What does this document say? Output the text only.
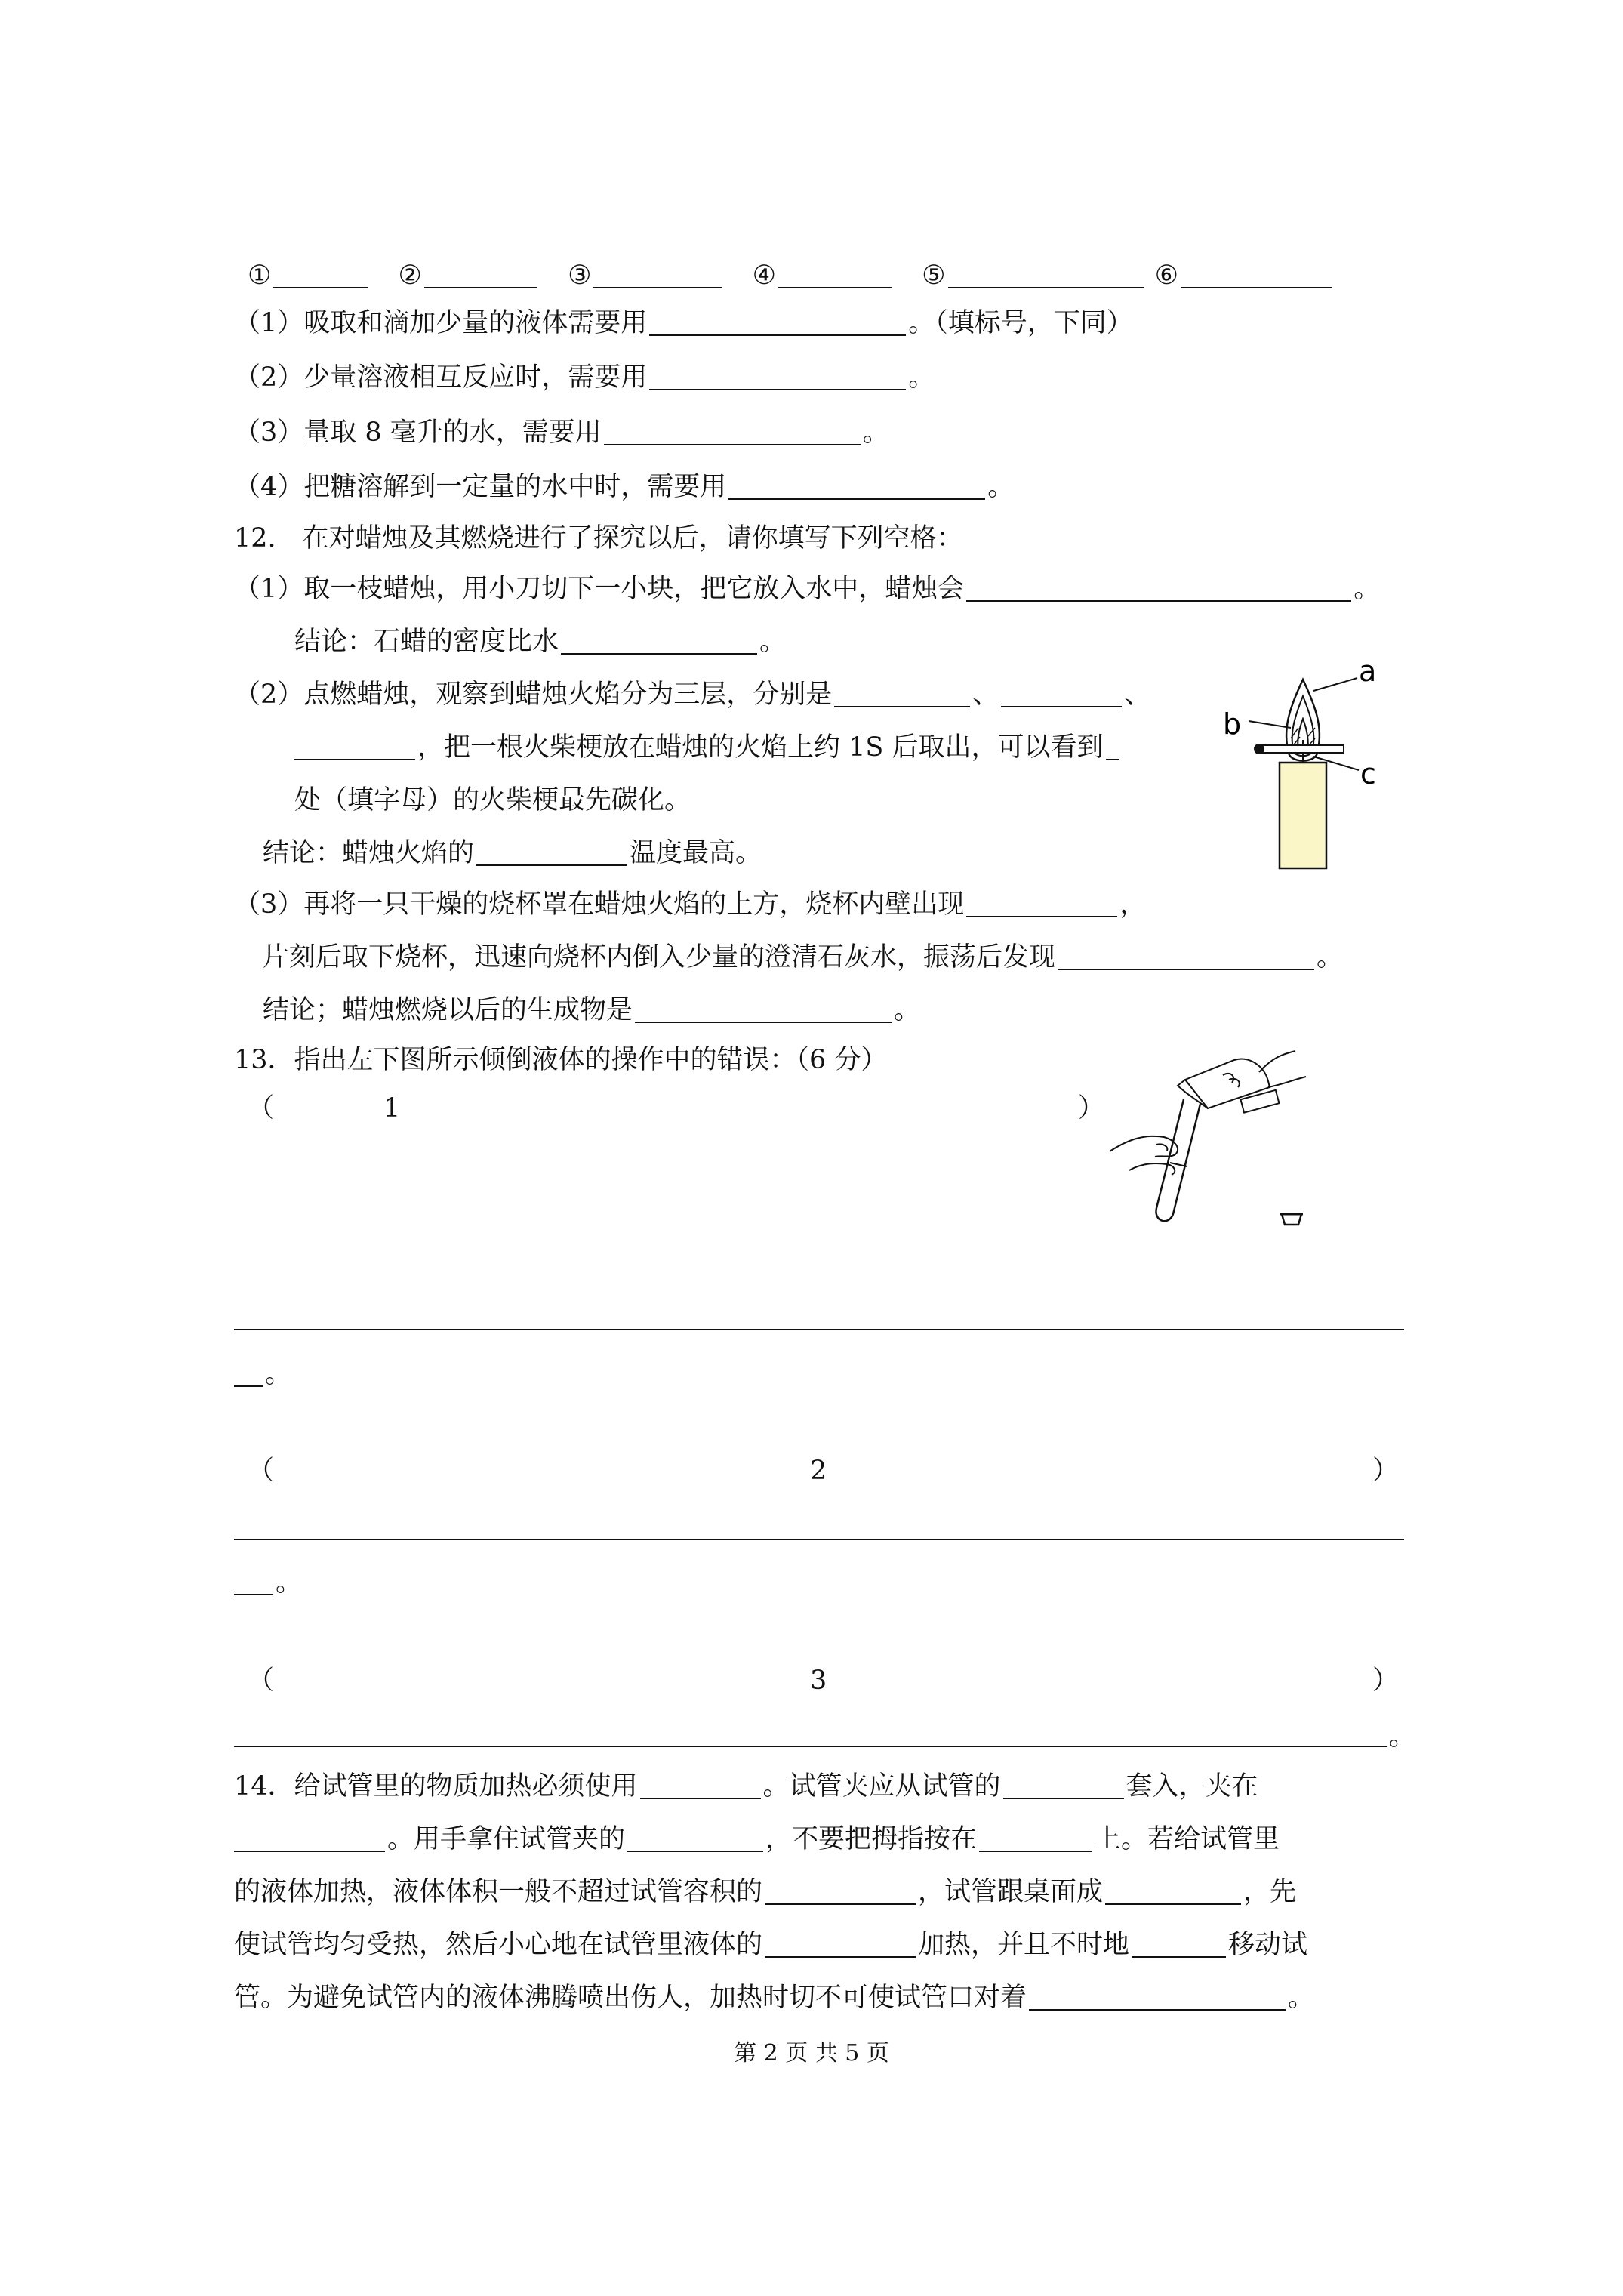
①	②	③	④	⑤	⑥
（1）吸取和滴加少量的液体需要用	。（填标号，下同）
（2）少量溶液相互反应时，需要用	。
（3）量取 8 毫升的水，需要用	。
（4）把糖溶解到一定量的水中时，需要用	。
12.　在对蜡烛及其燃烧进行了探究以后，请你填写下列空格：
（1）取一枝蜡烛，用小刀切下一小块，把它放入水中，蜡烛会	。
结论：石蜡的密度比水	。
（2）点燃蜡烛，观察到蜡烛火焰分为三层，分别是	、	、
，把一根火柴梗放在蜡烛的火焰上约 1S 后取出，可以看到
处（填字母）的火柴梗最先碳化。
结论：蜡烛火焰的	温度最高。
（3）再将一只干燥的烧杯罩在蜡烛火焰的上方，烧杯内壁出现	，
片刻后取下烧杯，迅速向烧杯内倒入少量的澄清石灰水，振荡后发现	。
结论；蜡烛燃烧以后的生成物是	。
a
b
c
13．指出左下图所示倾倒液体的操作中的错误：（6 分）
（	1	）
。
（	2	）
。
（	3	）
。
14．给试管里的物质加热必须使用	。试管夹应从试管的	套入，夹在
。用手拿住试管夹的	，不要把拇指按在	上。若给试管里
的液体加热，液体体积一般不超过试管容积的	，试管跟桌面成	，先
使试管均匀受热，然后小心地在试管里液体的	加热，并且不时地	移动试
管。为避免试管内的液体沸腾喷出伤人，加热时切不可使试管口对着	。
第 2 页 共 5 页
